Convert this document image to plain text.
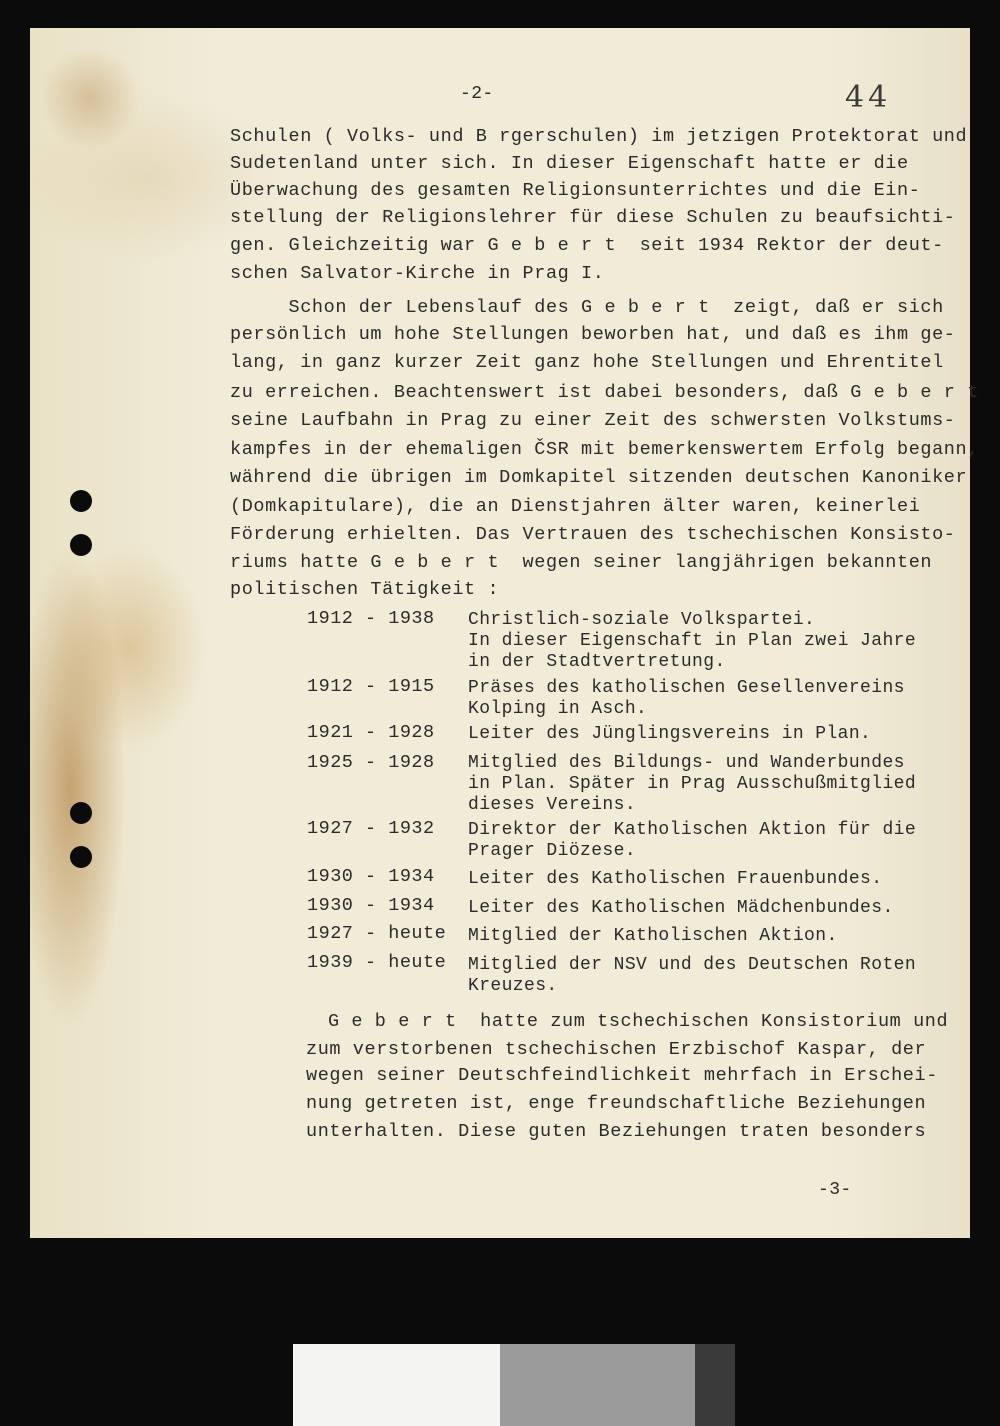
-2-	44
Schulen ( Volks- und B rgerschulen) im jetzigen Protektorat und
Sudetenland unter sich. In dieser Eigenschaft hatte er die
Überwachung des gesamten Religionsunterrichtes und die Ein-
stellung der Religionslehrer für diese Schulen zu beaufsichti-
gen. Gleichzeitig war G e b e r t  seit 1934 Rektor der deut-
schen Salvator-Kirche in Prag I.
Schon der Lebenslauf des G e b e r t  zeigt, daß er sich
persönlich um hohe Stellungen beworben hat, und daß es ihm ge-
lang, in ganz kurzer Zeit ganz hohe Stellungen und Ehrentitel
zu erreichen. Beachtenswert ist dabei besonders, daß G e b e r t
seine Laufbahn in Prag zu einer Zeit des schwersten Volkstums-
kampfes in der ehemaligen ČSR mit bemerkenswertem Erfolg begann,
während die übrigen im Domkapitel sitzenden deutschen Kanoniker
(Domkapitulare), die an Dienstjahren älter waren, keinerlei
Förderung erhielten. Das Vertrauen des tschechischen Konsisto-
riums hatte G e b e r t  wegen seiner langjährigen bekannten
politischen Tätigkeit :
1912 - 1938 Christlich-soziale Volkspartei.
In dieser Eigenschaft in Plan zwei Jahre
in der Stadtvertretung.
1912 - 1915 Präses des katholischen Gesellenvereins
Kolping in Asch.
1921 - 1928 Leiter des Jünglingsvereins in Plan.
1925 - 1928 Mitglied des Bildungs- und Wanderbundes
in Plan. Später in Prag Ausschußmitglied
dieses Vereins.
1927 - 1932 Direktor der Katholischen Aktion für die
Prager Diözese.
1930 - 1934 Leiter des Katholischen Frauenbundes.
1930 - 1934 Leiter des Katholischen Mädchenbundes.
1927 - heute Mitglied der Katholischen Aktion.
1939 - heute Mitglied der NSV und des Deutschen Roten
Kreuzes.
G e b e r t  hatte zum tschechischen Konsistorium und
zum verstorbenen tschechischen Erzbischof Kaspar, der
wegen seiner Deutschfeindlichkeit mehrfach in Erschei-
nung getreten ist, enge freundschaftliche Beziehungen
unterhalten. Diese guten Beziehungen traten besonders
-3-
